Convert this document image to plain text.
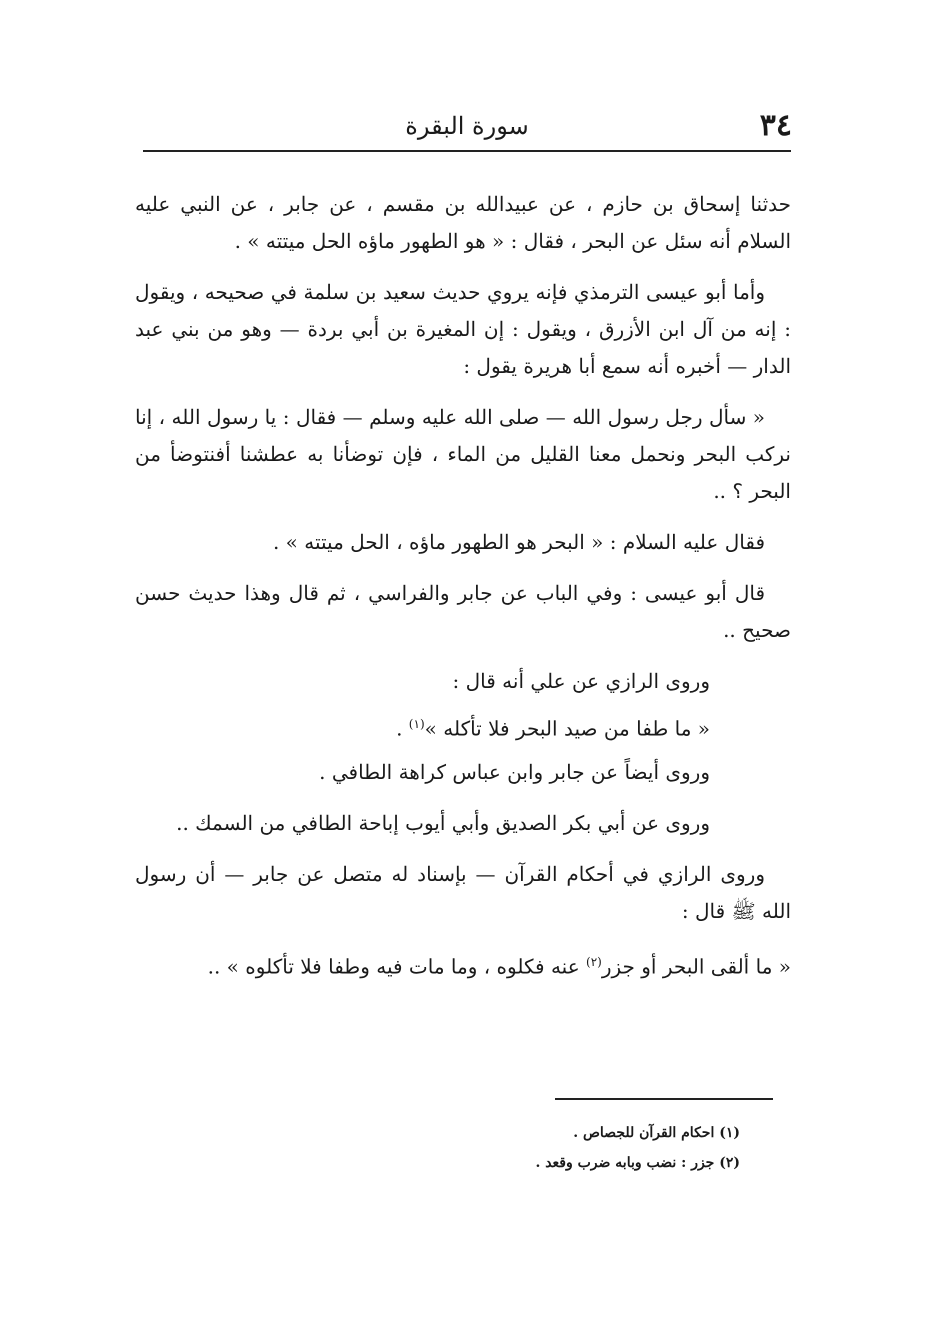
٣٤
سورة البقرة

حدثنا إسحاق بن حازم ، عن عبيدالله بن مقسم ، عن جابر ، عن النبي عليه السلام أنه سئل عن البحر ، فقال : « هو الطهور ماؤه الحل ميتته » .

وأما أبو عيسى الترمذي فإنه يروي حديث سعيد بن سلمة في صحيحه ، ويقول : إنه من آل ابن الأزرق ، ويقول : إن المغيرة بن أبي بردة — وهو من بني عبد الدار — أخبره أنه سمع أبا هريرة يقول :

« سأل رجل رسول الله — صلى الله عليه وسلم — فقال : يا رسول الله ، إنا نركب البحر ونحمل معنا القليل من الماء ، فإن توضأنا به عطشنا أفنتوضأ من البحر ؟ ..

فقال عليه السلام : « البحر هو الطهور ماؤه ، الحل ميتته » .

قال أبو عيسى : وفي الباب عن جابر والفراسي ، ثم قال وهذا حديث حسن صحيح ..

وروى الرازي عن علي أنه قال :

« ما طفا من صيد البحر فلا تأكله »$^{(١)}$ .

وروى أيضاً عن جابر وابن عباس كراهة الطافي .

وروى عن أبي بكر الصديق وأبي أيوب إباحة الطافي من السمك ..

وروى الرازي في أحكام القرآن — بإسناد له متصل عن جابر — أن رسول الله ﷺ قال :

« ما ألقى البحر أو جزر$^{(٢)}$ عنه فكلوه ، وما مات فيه وطفا فلا تأكلوه » ..

(١) احكام القرآن للجصاص .
(٢) جزر : نضب وبابه ضرب وقعد .
